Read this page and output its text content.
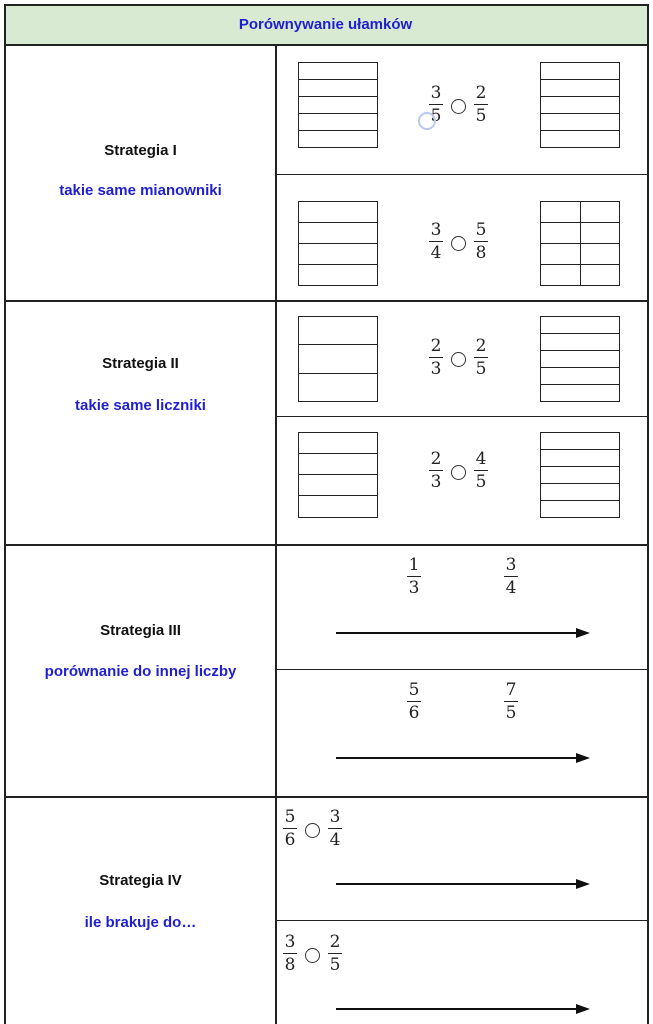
Porównywanie ułamków
Strategia I
takie same mianowniki
Strategia II
takie same liczniki
Strategia III
porównanie do innej liczby
Strategia IV
ile brakuje do…
3
5
2
5
3
4
5
8
2
3
2
5
2
3
4
5
1
3
3
4
5
6
7
5
5
6
3
4
3
8
2
5
